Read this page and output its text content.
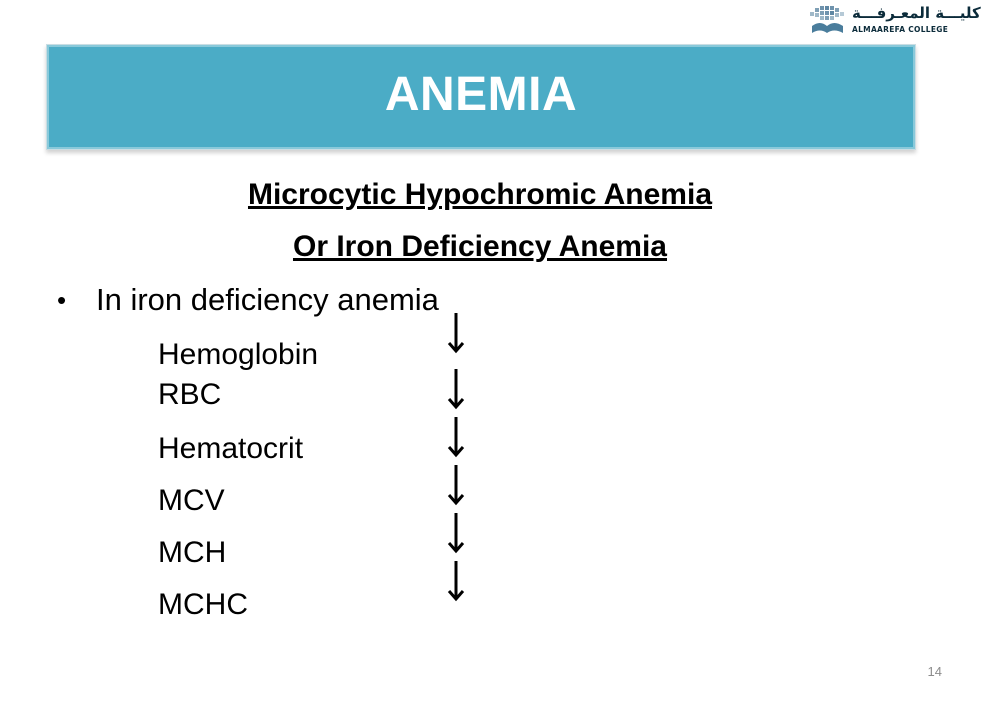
كليـــة المعـرفـــة
ALMAAREFA COLLEGE
ANEMIA
Microcytic Hypochromic Anemia
Or Iron Deficiency Anemia
• In iron deficiency anemia
Hemoglobin
RBC
Hematocrit
MCV
MCH
MCHC
14
